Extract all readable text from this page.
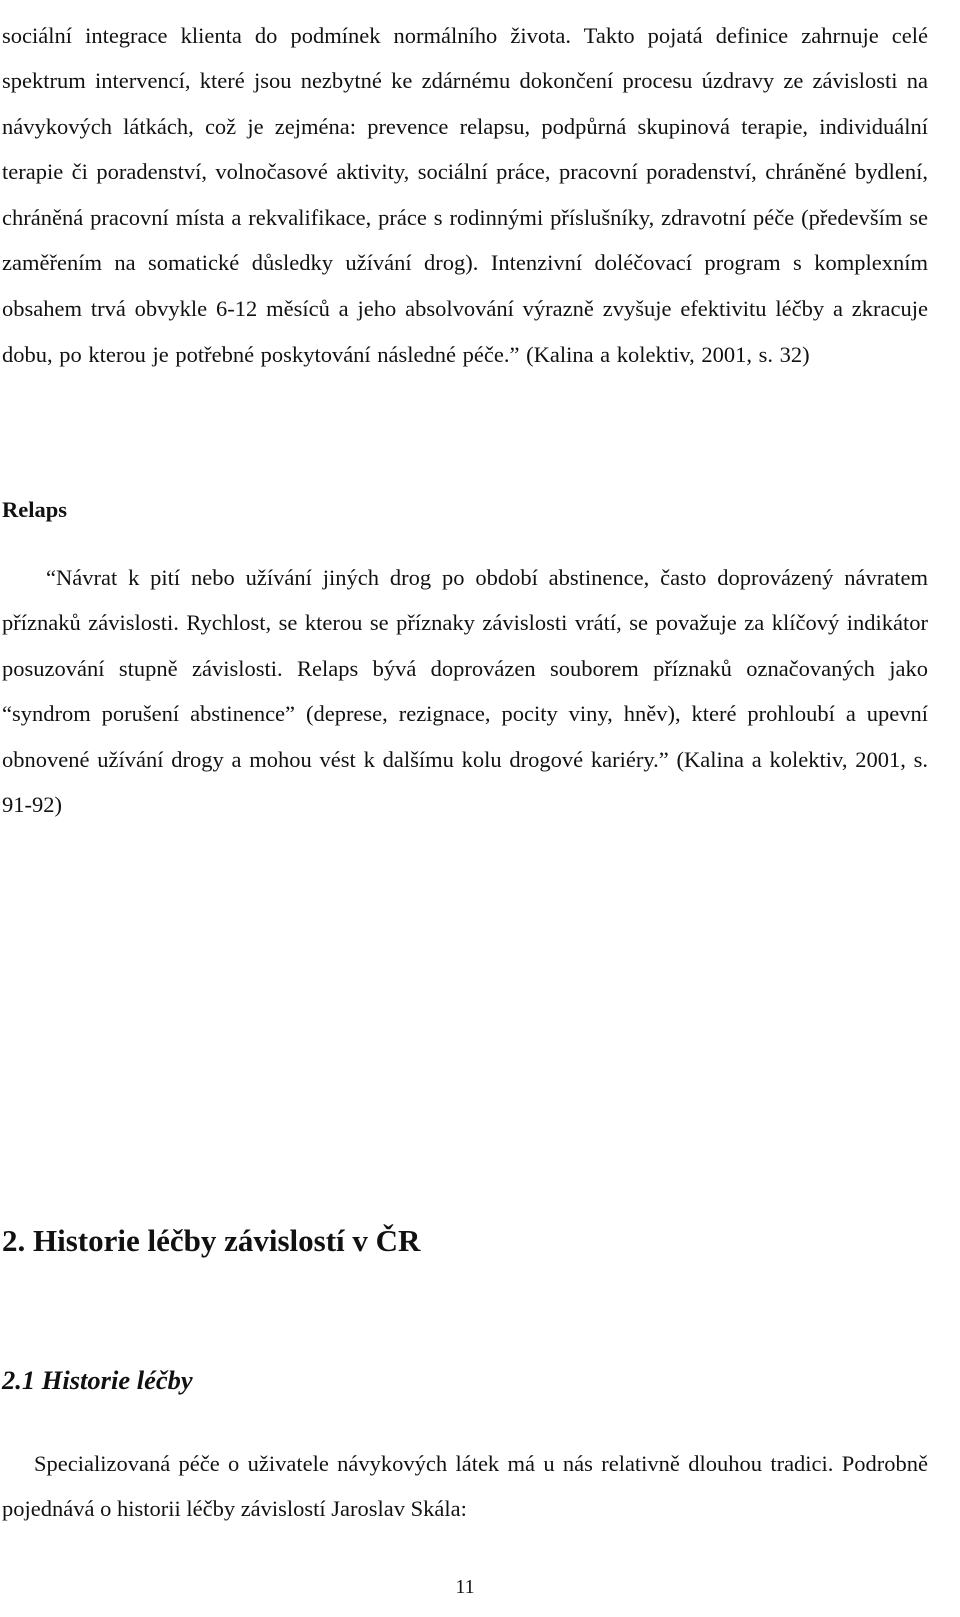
sociální integrace klienta do podmínek normálního života. Takto pojatá definice zahrnuje celé spektrum intervencí, které jsou nezbytné ke zdárnému dokončení procesu úzdravy ze závislosti na návykových látkách, což je zejména: prevence relapsu, podpůrná skupinová terapie, individuální terapie či poradenství, volnočasové aktivity, sociální práce, pracovní poradenství, chráněné bydlení, chráněná pracovní místa a rekvalifikace, práce s rodinnými příslušníky, zdravotní péče (především se zaměřením na somatické důsledky užívání drog). Intenzivní doléčovací program s komplexním obsahem trvá obvykle 6-12 měsíců a jeho absolvování výrazně zvyšuje efektivitu léčby a zkracuje dobu, po kterou je potřebné poskytování následné péče.” (Kalina a kolektiv, 2001, s. 32)

Relaps

“Návrat k pití nebo užívání jiných drog po období abstinence, často doprovázený návratem příznaků závislosti. Rychlost, se kterou se příznaky závislosti vrátí, se považuje za klíčový indikátor posuzování stupně závislosti. Relaps bývá doprovázen souborem příznaků označovaných jako “syndrom porušení abstinence” (deprese, rezignace, pocity viny, hněv), které prohloubí a upevní obnovené užívání drogy a mohou vést k dalšímu kolu drogové kariéry.” (Kalina a kolektiv, 2001, s. 91-92)

2. Historie léčby závislostí v ČR
2.1 Historie léčby

Specializovaná péče o uživatele návykových látek má u nás relativně dlouhou tradici. Podrobně pojednává o historii léčby závislostí Jaroslav Skála:

11
